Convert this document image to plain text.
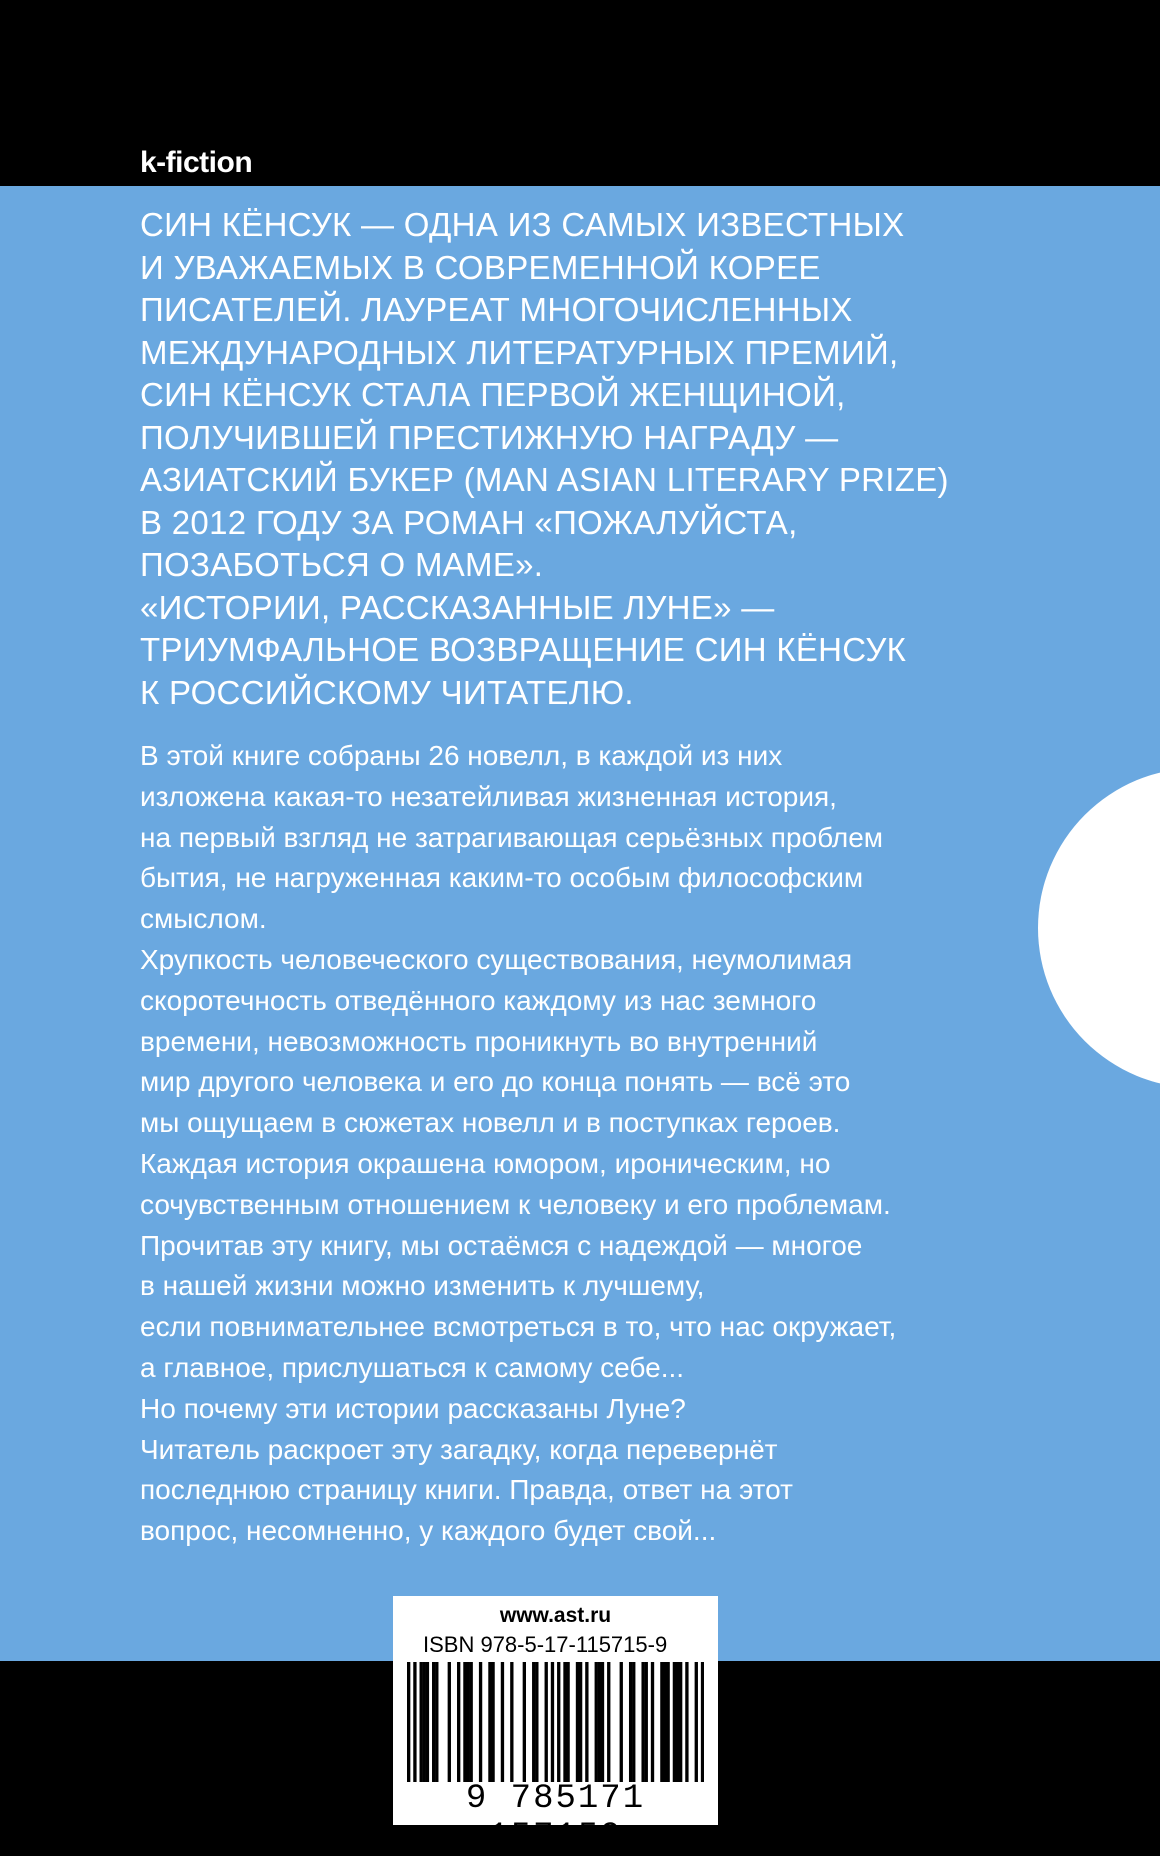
k-fiction

СИН КЁНСУК — ОДНА ИЗ САМЫХ ИЗВЕСТНЫХ
И УВАЖАЕМЫХ В СОВРЕМЕННОЙ КОРЕЕ
ПИСАТЕЛЕЙ. ЛАУРЕАТ МНОГОЧИСЛЕННЫХ
МЕЖДУНАРОДНЫХ ЛИТЕРАТУРНЫХ ПРЕМИЙ,
СИН КЁНСУК СТАЛА ПЕРВОЙ ЖЕНЩИНОЙ,
ПОЛУЧИВШЕЙ ПРЕСТИЖНУЮ НАГРАДУ —
АЗИАТСКИЙ БУКЕР (MAN ASIAN LITERARY PRIZE)
В 2012 ГОДУ ЗА РОМАН «ПОЖАЛУЙСТА,
ПОЗАБОТЬСЯ О МАМЕ».
«ИСТОРИИ, РАССКАЗАННЫЕ ЛУНЕ» —
ТРИУМФАЛЬНОЕ ВОЗВРАЩЕНИЕ СИН КЁНСУК
К РОССИЙСКОМУ ЧИТАТЕЛЮ.

В этой книге собраны 26 новелл, в каждой из них
изложена какая-то незатейливая жизненная история,
на первый взгляд не затрагивающая серьёзных проблем
бытия, не нагруженная каким-то особым философским
смыслом.
Хрупкость человеческого существования, неумолимая
скоротечность отведённого каждому из нас земного
времени, невозможность проникнуть во внутренний
мир другого человека и его до конца понять — всё это
мы ощущаем в сюжетах новелл и в поступках героев.
Каждая история окрашена юмором, ироническим, но
сочувственным отношением к человеку и его проблемам.
Прочитав эту книгу, мы остаёмся с надеждой — многое
в нашей жизни можно изменить к лучшему,
если повнимательнее всмотреться в то, что нас окружает,
а главное, прислушаться к самому себе...
Но почему эти истории рассказаны Луне?
Читатель раскроет эту загадку, когда перевернёт
последнюю страницу книги. Правда, ответ на этот
вопрос, несомненно, у каждого будет свой...

www.ast.ru
ISBN 978-5-17-115715-9
9 785171 157159
